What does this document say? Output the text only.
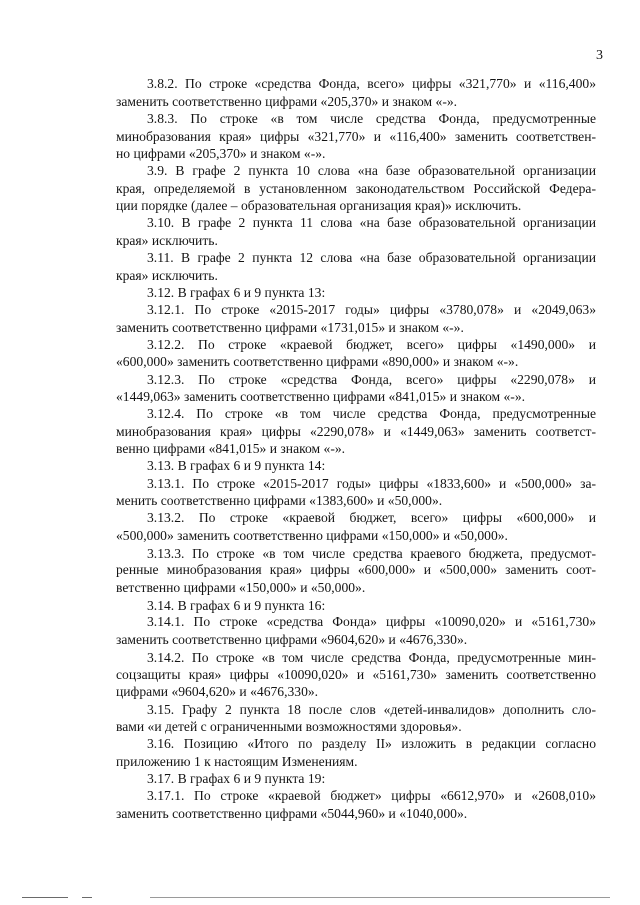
3
3.8.2. По строке «средства Фонда, всего» цифры «321,770» и «116,400»
заменить соответственно цифрами «205,370» и знаком «-».
3.8.3. По строке «в том числе средства Фонда, предусмотренные
минобразования края» цифры «321,770» и «116,400» заменить соответствен-
но цифрами «205,370» и знаком «-».
3.9. В графе 2 пункта 10 слова «на базе образовательной организации
края, определяемой в установленном законодательством Российской Федера-
ции порядке (далее – образовательная организация края)» исключить.
3.10. В графе 2 пункта 11 слова «на базе образовательной организации
края» исключить.
3.11. В графе 2 пункта 12 слова «на базе образовательной организации
края» исключить.
3.12. В графах 6 и 9 пункта 13:
3.12.1. По строке «2015-2017 годы» цифры «3780,078» и «2049,063»
заменить соответственно цифрами «1731,015» и знаком «-».
3.12.2. По строке «краевой бюджет, всего» цифры «1490,000» и
«600,000» заменить соответственно цифрами «890,000» и знаком «-».
3.12.3. По строке «средства Фонда, всего» цифры «2290,078» и
«1449,063» заменить соответственно цифрами «841,015» и знаком «-».
3.12.4. По строке «в том числе средства Фонда, предусмотренные
минобразования края» цифры «2290,078» и «1449,063» заменить соответст-
венно цифрами «841,015» и знаком «-».
3.13. В графах 6 и 9 пункта 14:
3.13.1. По строке «2015-2017 годы» цифры «1833,600» и «500,000» за-
менить соответственно цифрами «1383,600» и «50,000».
3.13.2. По строке «краевой бюджет, всего» цифры «600,000» и
«500,000» заменить соответственно цифрами «150,000» и «50,000».
3.13.3. По строке «в том числе средства краевого бюджета, предусмот-
ренные минобразования края» цифры «600,000» и «500,000» заменить соот-
ветственно цифрами «150,000» и «50,000».
3.14. В графах 6 и 9 пункта 16:
3.14.1. По строке «средства Фонда» цифры «10090,020» и «5161,730»
заменить соответственно цифрами «9604,620» и «4676,330».
3.14.2. По строке «в том числе средства Фонда, предусмотренные мин-
соцзащиты края» цифры «10090,020» и «5161,730» заменить соответственно
цифрами «9604,620» и «4676,330».
3.15. Графу 2 пункта 18 после слов «детей-инвалидов» дополнить сло-
вами «и детей с ограниченными возможностями здоровья».
3.16. Позицию «Итого по разделу II» изложить в редакции согласно
приложению 1 к настоящим Изменениям.
3.17. В графах 6 и 9 пункта 19:
3.17.1. По строке «краевой бюджет» цифры «6612,970» и «2608,010»
заменить соответственно цифрами «5044,960» и «1040,000».
